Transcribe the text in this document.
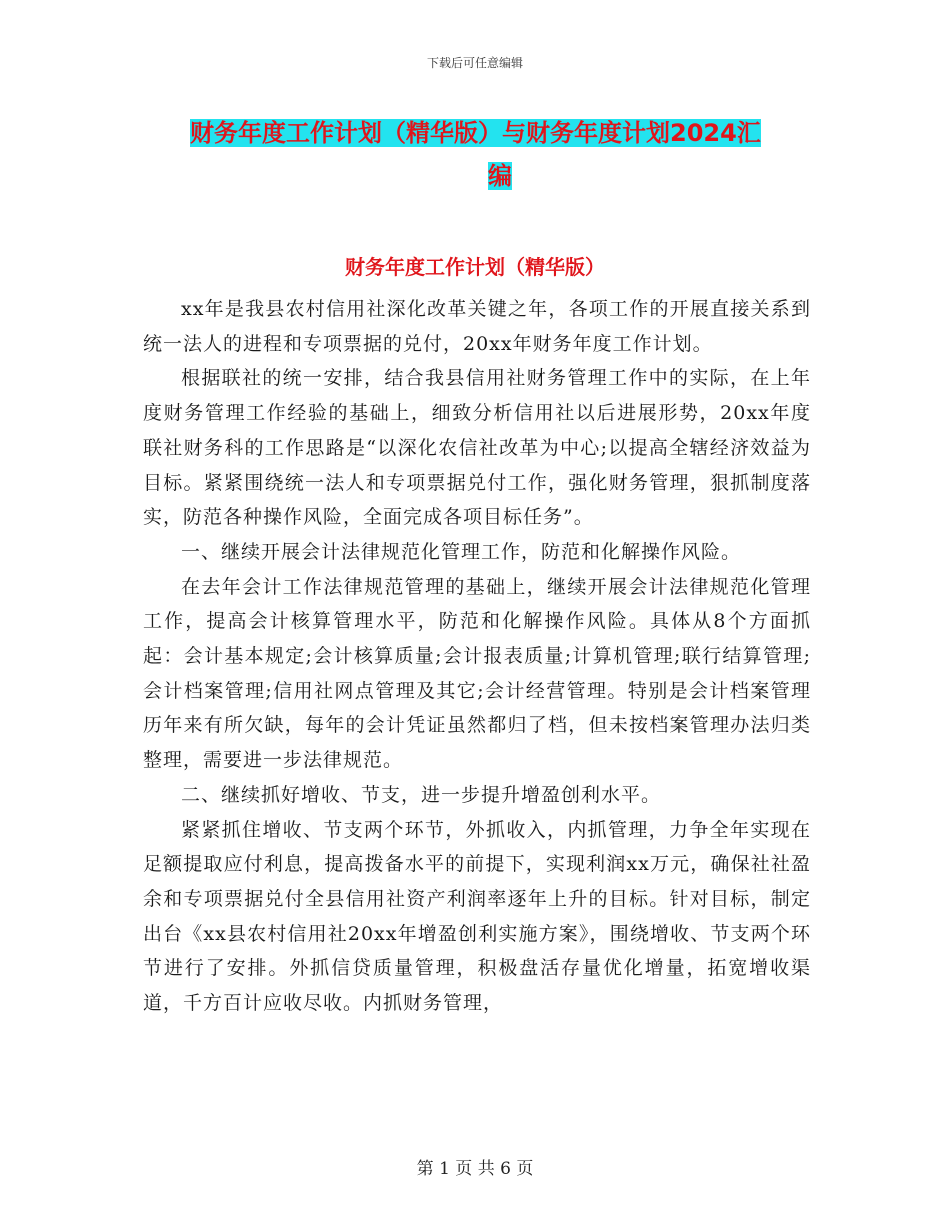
下载后可任意编辑
财务年度工作计划（精华版）与财务年度计划2024汇
编
财务年度工作计划（精华版）

xx年是我县农村信用社深化改革关键之年，各项工作的开展直接关系到统一法人的进程和专项票据的兑付，20xx年财务年度工作计划。

根据联社的统一安排，结合我县信用社财务管理工作中的实际，在上年度财务管理工作经验的基础上，细致分析信用社以后进展形势，20xx年度联社财务科的工作思路是“以深化农信社改革为中心;以提高全辖经济效益为目标。紧紧围绕统一法人和专项票据兑付工作，强化财务管理，狠抓制度落实，防范各种操作风险，全面完成各项目标任务”。

一、继续开展会计法律规范化管理工作，防范和化解操作风险。

在去年会计工作法律规范管理的基础上，继续开展会计法律规范化管理工作，提高会计核算管理水平，防范和化解操作风险。具体从8个方面抓起：会计基本规定;会计核算质量;会计报表质量;计算机管理;联行结算管理;会计档案管理;信用社网点管理及其它;会计经营管理。特别是会计档案管理历年来有所欠缺，每年的会计凭证虽然都归了档，但未按档案管理办法归类整理，需要进一步法律规范。

二、继续抓好增收、节支，进一步提升增盈创利水平。

紧紧抓住增收、节支两个环节，外抓收入，内抓管理，力争全年实现在足额提取应付利息，提高拨备水平的前提下，实现利润xx万元，确保社社盈余和专项票据兑付全县信用社资产利润率逐年上升的目标。针对目标，制定出台《xx县农村信用社20xx年增盈创利实施方案》，围绕增收、节支两个环节进行了安排。外抓信贷质量管理，积极盘活存量优化增量，拓宽增收渠道，千方百计应收尽收。内抓财务管理，

第 1 页 共 6 页
